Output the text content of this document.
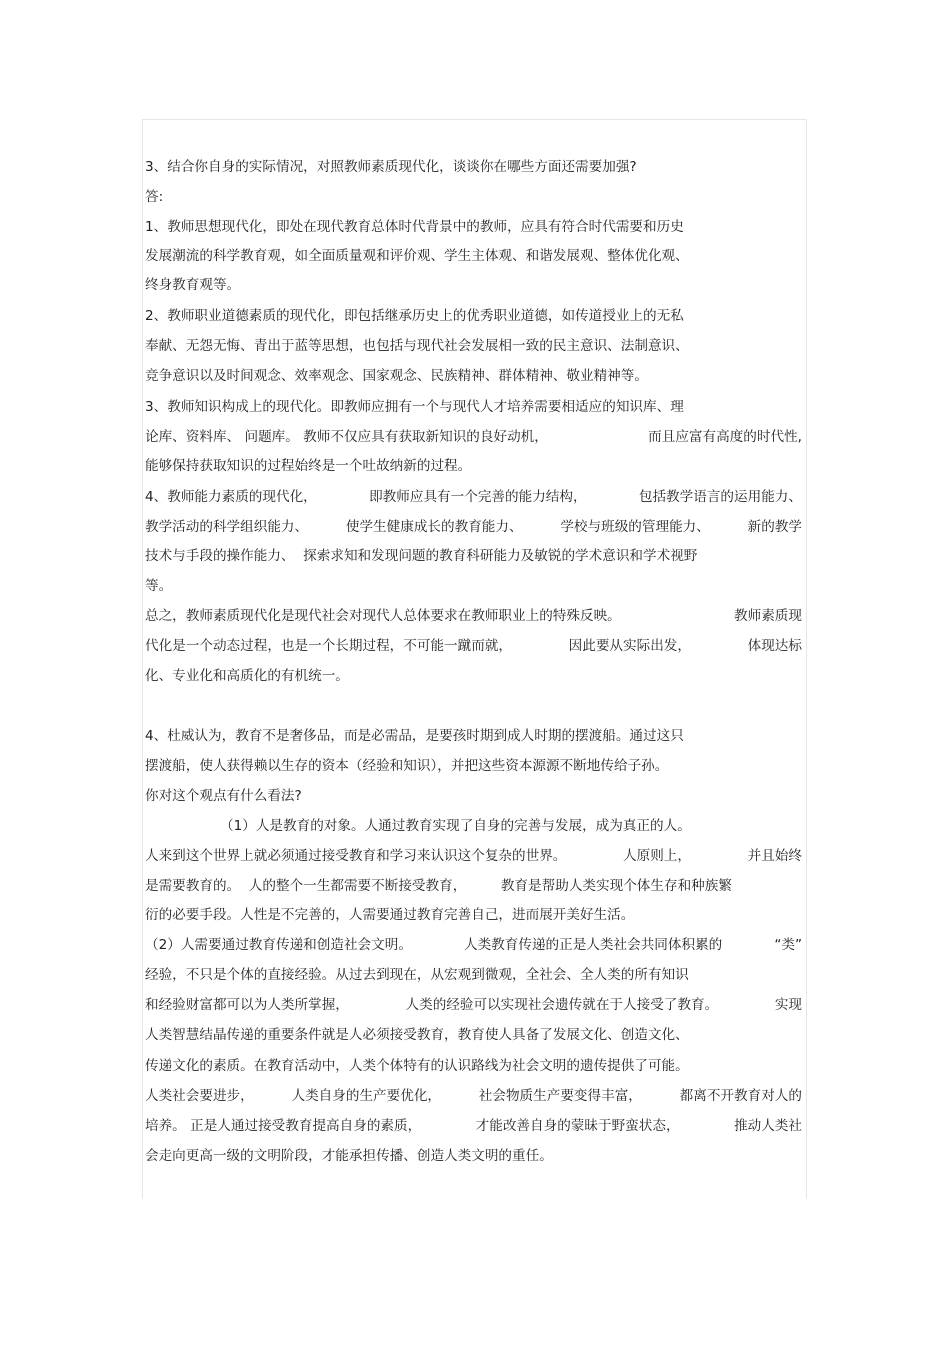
3、结合你自身的实际情况，对照教师素质现代化，谈谈你在哪些方面还需要加强?
答:
1、教师思想现代化，即处在现代教育总体时代背景中的教师，应具有符合时代需要和历史
发展潮流的科学教育观，如全面质量观和评价观、学生主体观、和谐发展观、整体优化观、
终身教育观等。
2、教师职业道德素质的现代化，即包括继承历史上的优秀职业道德，如传道授业上的无私
奉献、无怨无悔、青出于蓝等思想，也包括与现代社会发展相一致的民主意识、法制意识、
竞争意识以及时间观念、效率观念、国家观念、民族精神、群体精神、敬业精神等。
3、教师知识构成上的现代化。即教师应拥有一个与现代人才培养需要相适应的知识库、理
论库、资料库、 问题库。 教师不仅应具有获取新知识的良好动机，	而且应富有高度的时代性,
能够保持获取知识的过程始终是一个吐故纳新的过程。
4、教师能力素质的现代化，	即教师应具有一个完善的能力结构，	包括教学语言的运用能力、
教学活动的科学组织能力、	使学生健康成长的教育能力、	学校与班级的管理能力、	新的教学
技术与手段的操作能力、  探索求知和发现问题的教育科研能力及敏锐的学术意识和学术视野
等。
总之，教师素质现代化是现代社会对现代人总体要求在教师职业上的特殊反映。	教师素质现
代化是一个动态过程，也是一个长期过程，不可能一蹴而就，	因此要从实际出发，	体现达标
化、专业化和高质化的有机统一。
4、杜威认为，教育不是奢侈品，而是必需品，是要孩时期到成人时期的摆渡船。通过这只
摆渡船，使人获得赖以生存的资本（经验和知识），并把这些资本源源不断地传给子孙。
你对这个观点有什么看法?
（1）人是教育的对象。人通过教育实现了自身的完善与发展，成为真正的人。
人来到这个世界上就必须通过接受教育和学习来认识这个复杂的世界。	人原则上，	并且始终
是需要教育的。  人的整个一生都需要不断接受教育，        教育是帮助人类实现个体生存和种族繁
衍的必要手段。人性是不完善的，人需要通过教育完善自己，进而展开美好生活。
（2）人需要通过教育传递和创造社会文明。	人类教育传递的正是人类社会共同体积累的	“类”
经验，不只是个体的直接经验。从过去到现在，从宏观到微观，全社会、全人类的所有知识
和经验财富都可以为人类所掌握，	人类的经验可以实现社会遗传就在于人接受了教育。	实现
人类智慧结晶传递的重要条件就是人必须接受教育，教育使人具备了发展文化、创造文化、
传递文化的素质。在教育活动中，人类个体特有的认识路线为社会文明的遗传提供了可能。
人类社会要进步，	人类自身的生产要优化，	社会物质生产要变得丰富，	都离不开教育对人的
培养。 正是人通过接受教育提高自身的素质，	才能改善自身的蒙昧于野蛮状态，	推动人类社
会走向更高一级的文明阶段，才能承担传播、创造人类文明的重任。
